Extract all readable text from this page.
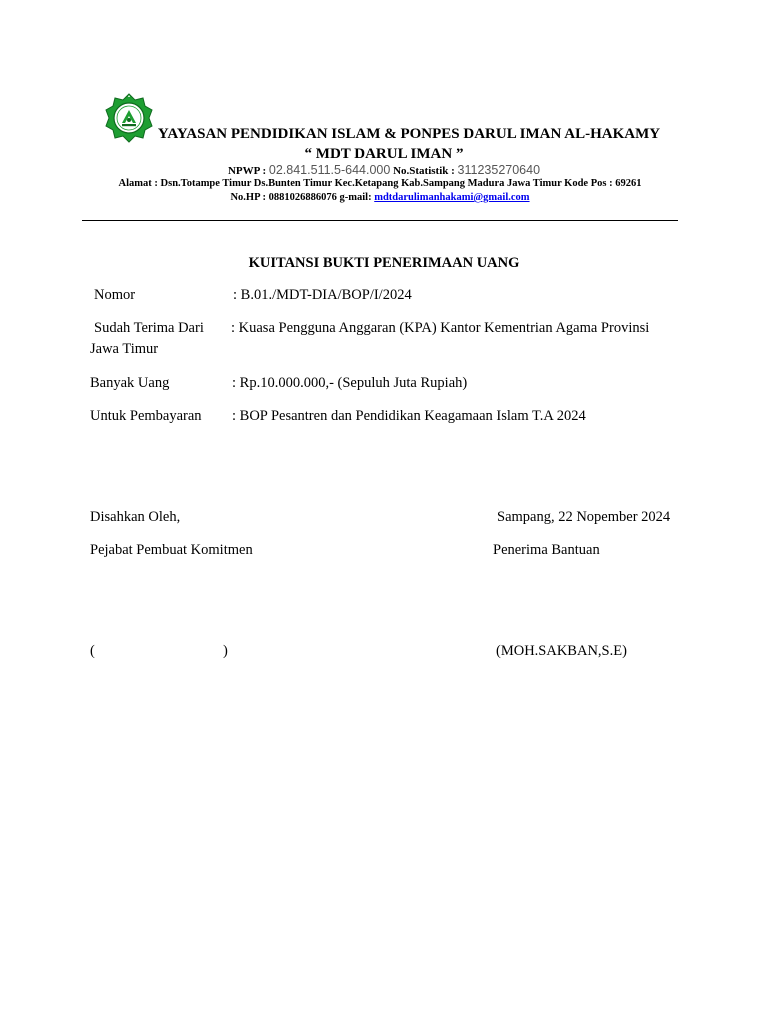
YAYASAN PENDIDIKAN ISLAM & PONPES DARUL IMAN AL-HAKAMY
“ MDT DARUL IMAN ”
NPWP : 02.841.511.5-644.000 No.Statistik : 311235270640
Alamat : Dsn.Totampe Timur Ds.Bunten Timur Kec.Ketapang Kab.Sampang Madura Jawa Timur Kode Pos : 69261
No.HP : 0881026886076 g-mail: mdtdarulimanhakami@gmail.com
KUITANSI BUKTI PENERIMAAN UANG
Nomor	: B.01./MDT-DIA/BOP/I/2024
Sudah Terima Dari : Kuasa Pengguna Anggaran (KPA) Kantor Kementrian Agama Provinsi
Jawa Timur
Banyak Uang	: Rp.10.000.000,- (Sepuluh Juta Rupiah)
Untuk Pembayaran : BOP Pesantren dan Pendidikan Keagamaan Islam T.A 2024
Disahkan Oleh,	Sampang, 22 Nopember 2024
Pejabat Pembuat Komitmen	Penerima Bantuan
(	)	(MOH.SAKBAN,S.E)
